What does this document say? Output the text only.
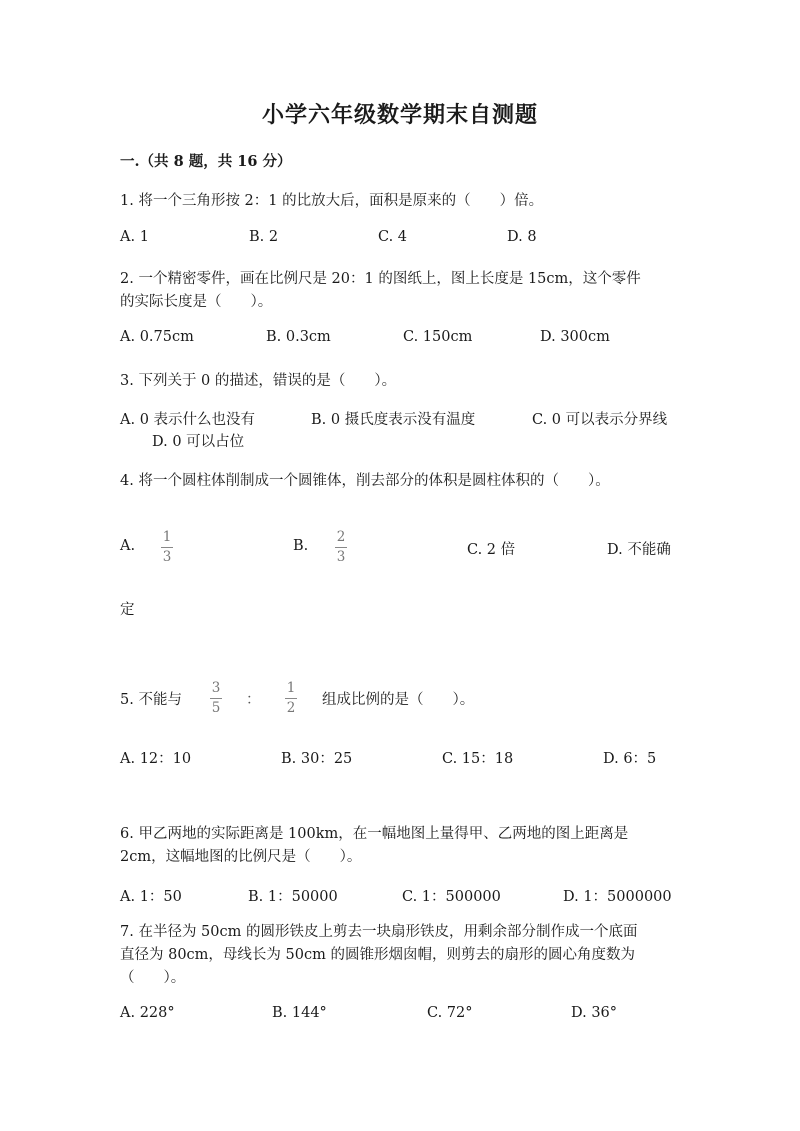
小学六年级数学期末自测题
一.（共 8 题，共 16 分）
1. 将一个三角形按 2：1 的比放大后，面积是原来的（　　）倍。
A. 1	B. 2	C. 4	D. 8
2. 一个精密零件，画在比例尺是 20：1 的图纸上，图上长度是 15cm，这个零件
的实际长度是（　　）。
A. 0.75cm	B. 0.3cm	C. 150cm	D. 300cm
3. 下列关于 0 的描述，错误的是（　　）。
A. 0 表示什么也没有	B. 0 摄氏度表示没有温度	C. 0 可以表示分界线
D. 0 可以占位
4. 将一个圆柱体削制成一个圆锥体，削去部分的体积是圆柱体积的（　　）。
A.
1
3
B.
2
3	C. 2 倍	D. 不能确
定
5. 不能与
3
5 ：
1
2 组成比例的是（　　）。
A. 12：10	B. 30：25	C. 15：18	D. 6：5
6. 甲乙两地的实际距离是 100km，在一幅地图上量得甲、乙两地的图上距离是
2cm，这幅地图的比例尺是（　　）。
A. 1：50	B. 1：50000	C. 1：500000	D. 1：5000000
7. 在半径为 50cm 的圆形铁皮上剪去一块扇形铁皮，用剩余部分制作成一个底面
直径为 80cm，母线长为 50cm 的圆锥形烟囱帽，则剪去的扇形的圆心角度数为
（　　）。
A. 228°	B. 144°	C. 72°	D. 36°
